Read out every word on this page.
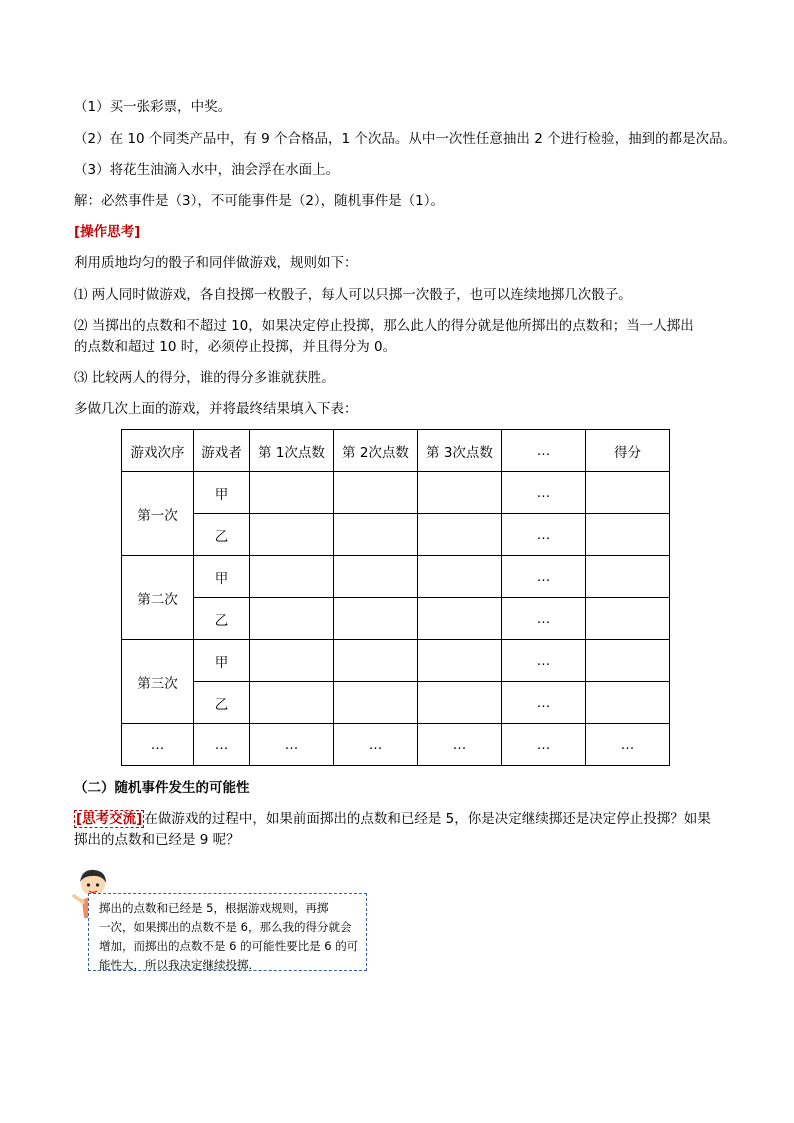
（1）买一张彩票，中奖。
（2）在 10 个同类产品中，有 9 个合格品，1 个次品。从中一次性任意抽出 2 个进行检验，抽到的都是次品。
（3）将花生油滴入水中，油会浮在水面上。
解：必然事件是（3），不可能事件是（2），随机事件是（1）。
[操作思考]
利用质地均匀的骰子和同伴做游戏，规则如下：
⑴ 两人同时做游戏，各自投掷一枚骰子，每人可以只掷一次骰子，也可以连续地掷几次骰子。
⑵ 当掷出的点数和不超过 10，如果决定停止投掷，那么此人的得分就是他所掷出的点数和；当一人掷出
的点数和超过 10 时，必须停止投掷，并且得分为 0。
⑶ 比较两人的得分，谁的得分多谁就获胜。
多做几次上面的游戏，并将最终结果填入下表：
游戏次序	游戏者	第 1次点数	第 2次点数	第 3次点数	…	得分
第一次	甲				…	
	乙				…	
第二次	甲				…	
	乙				…	
第三次	甲				…	
	乙				…	
…	…	…	…	…	…	…
（二）随机事件发生的可能性
[思考交流] 在做游戏的过程中，如果前面掷出的点数和已经是 5，你是决定继续掷还是决定停止投掷？如果
掷出的点数和已经是 9 呢？
掷出的点数和已经是 5，根据游戏规则，再掷
一次，如果掷出的点数不是 6，那么我的得分就会
增加，而掷出的点数不是 6 的可能性要比是 6 的可
能性大，所以我决定继续投掷.
